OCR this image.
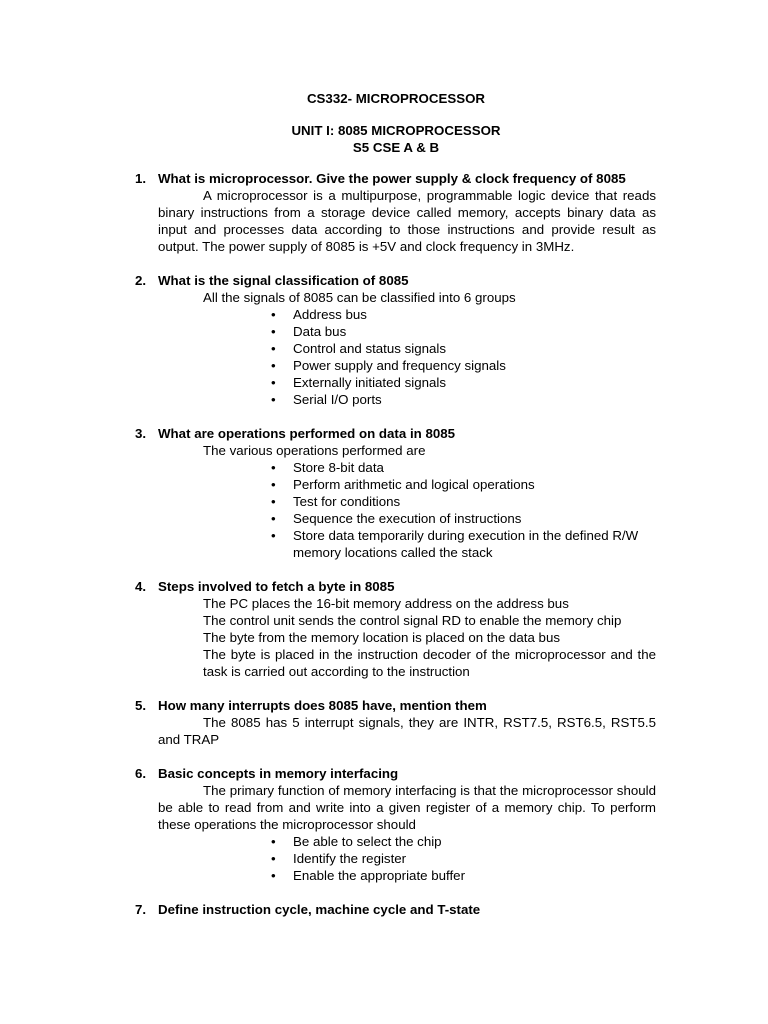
CS332- MICROPROCESSOR
UNIT I: 8085 MICROPROCESSOR
S5 CSE A & B
1. What is microprocessor. Give the power supply & clock frequency of 8085
A microprocessor is a multipurpose, programmable logic device that reads binary instructions from a storage device called memory, accepts binary data as input and processes data according to those instructions and provide result as output. The power supply of 8085 is +5V and clock frequency in 3MHz.
2. What is the signal classification of 8085
All the signals of 8085 can be classified into 6 groups
• Address bus
• Data bus
• Control and status signals
• Power supply and frequency signals
• Externally initiated signals
• Serial I/O ports
3. What are operations performed on data in 8085
The various operations performed are
• Store 8-bit data
• Perform arithmetic and logical operations
• Test for conditions
• Sequence the execution of instructions
• Store data temporarily during execution in the defined R/W memory locations called the stack
4. Steps involved to fetch a byte in 8085
The PC places the 16-bit memory address on the address bus
The control unit sends the control signal RD to enable the memory chip
The byte from the memory location is placed on the data bus
The byte is placed in the instruction decoder of the microprocessor and the task is carried out according to the instruction
5. How many interrupts does 8085 have, mention them
The 8085 has 5 interrupt signals, they are INTR, RST7.5, RST6.5, RST5.5 and TRAP
6. Basic concepts in memory interfacing
The primary function of memory interfacing is that the microprocessor should be able to read from and write into a given register of a memory chip. To perform these operations the microprocessor should
• Be able to select the chip
• Identify the register
• Enable the appropriate buffer
7. Define instruction cycle, machine cycle and T-state
